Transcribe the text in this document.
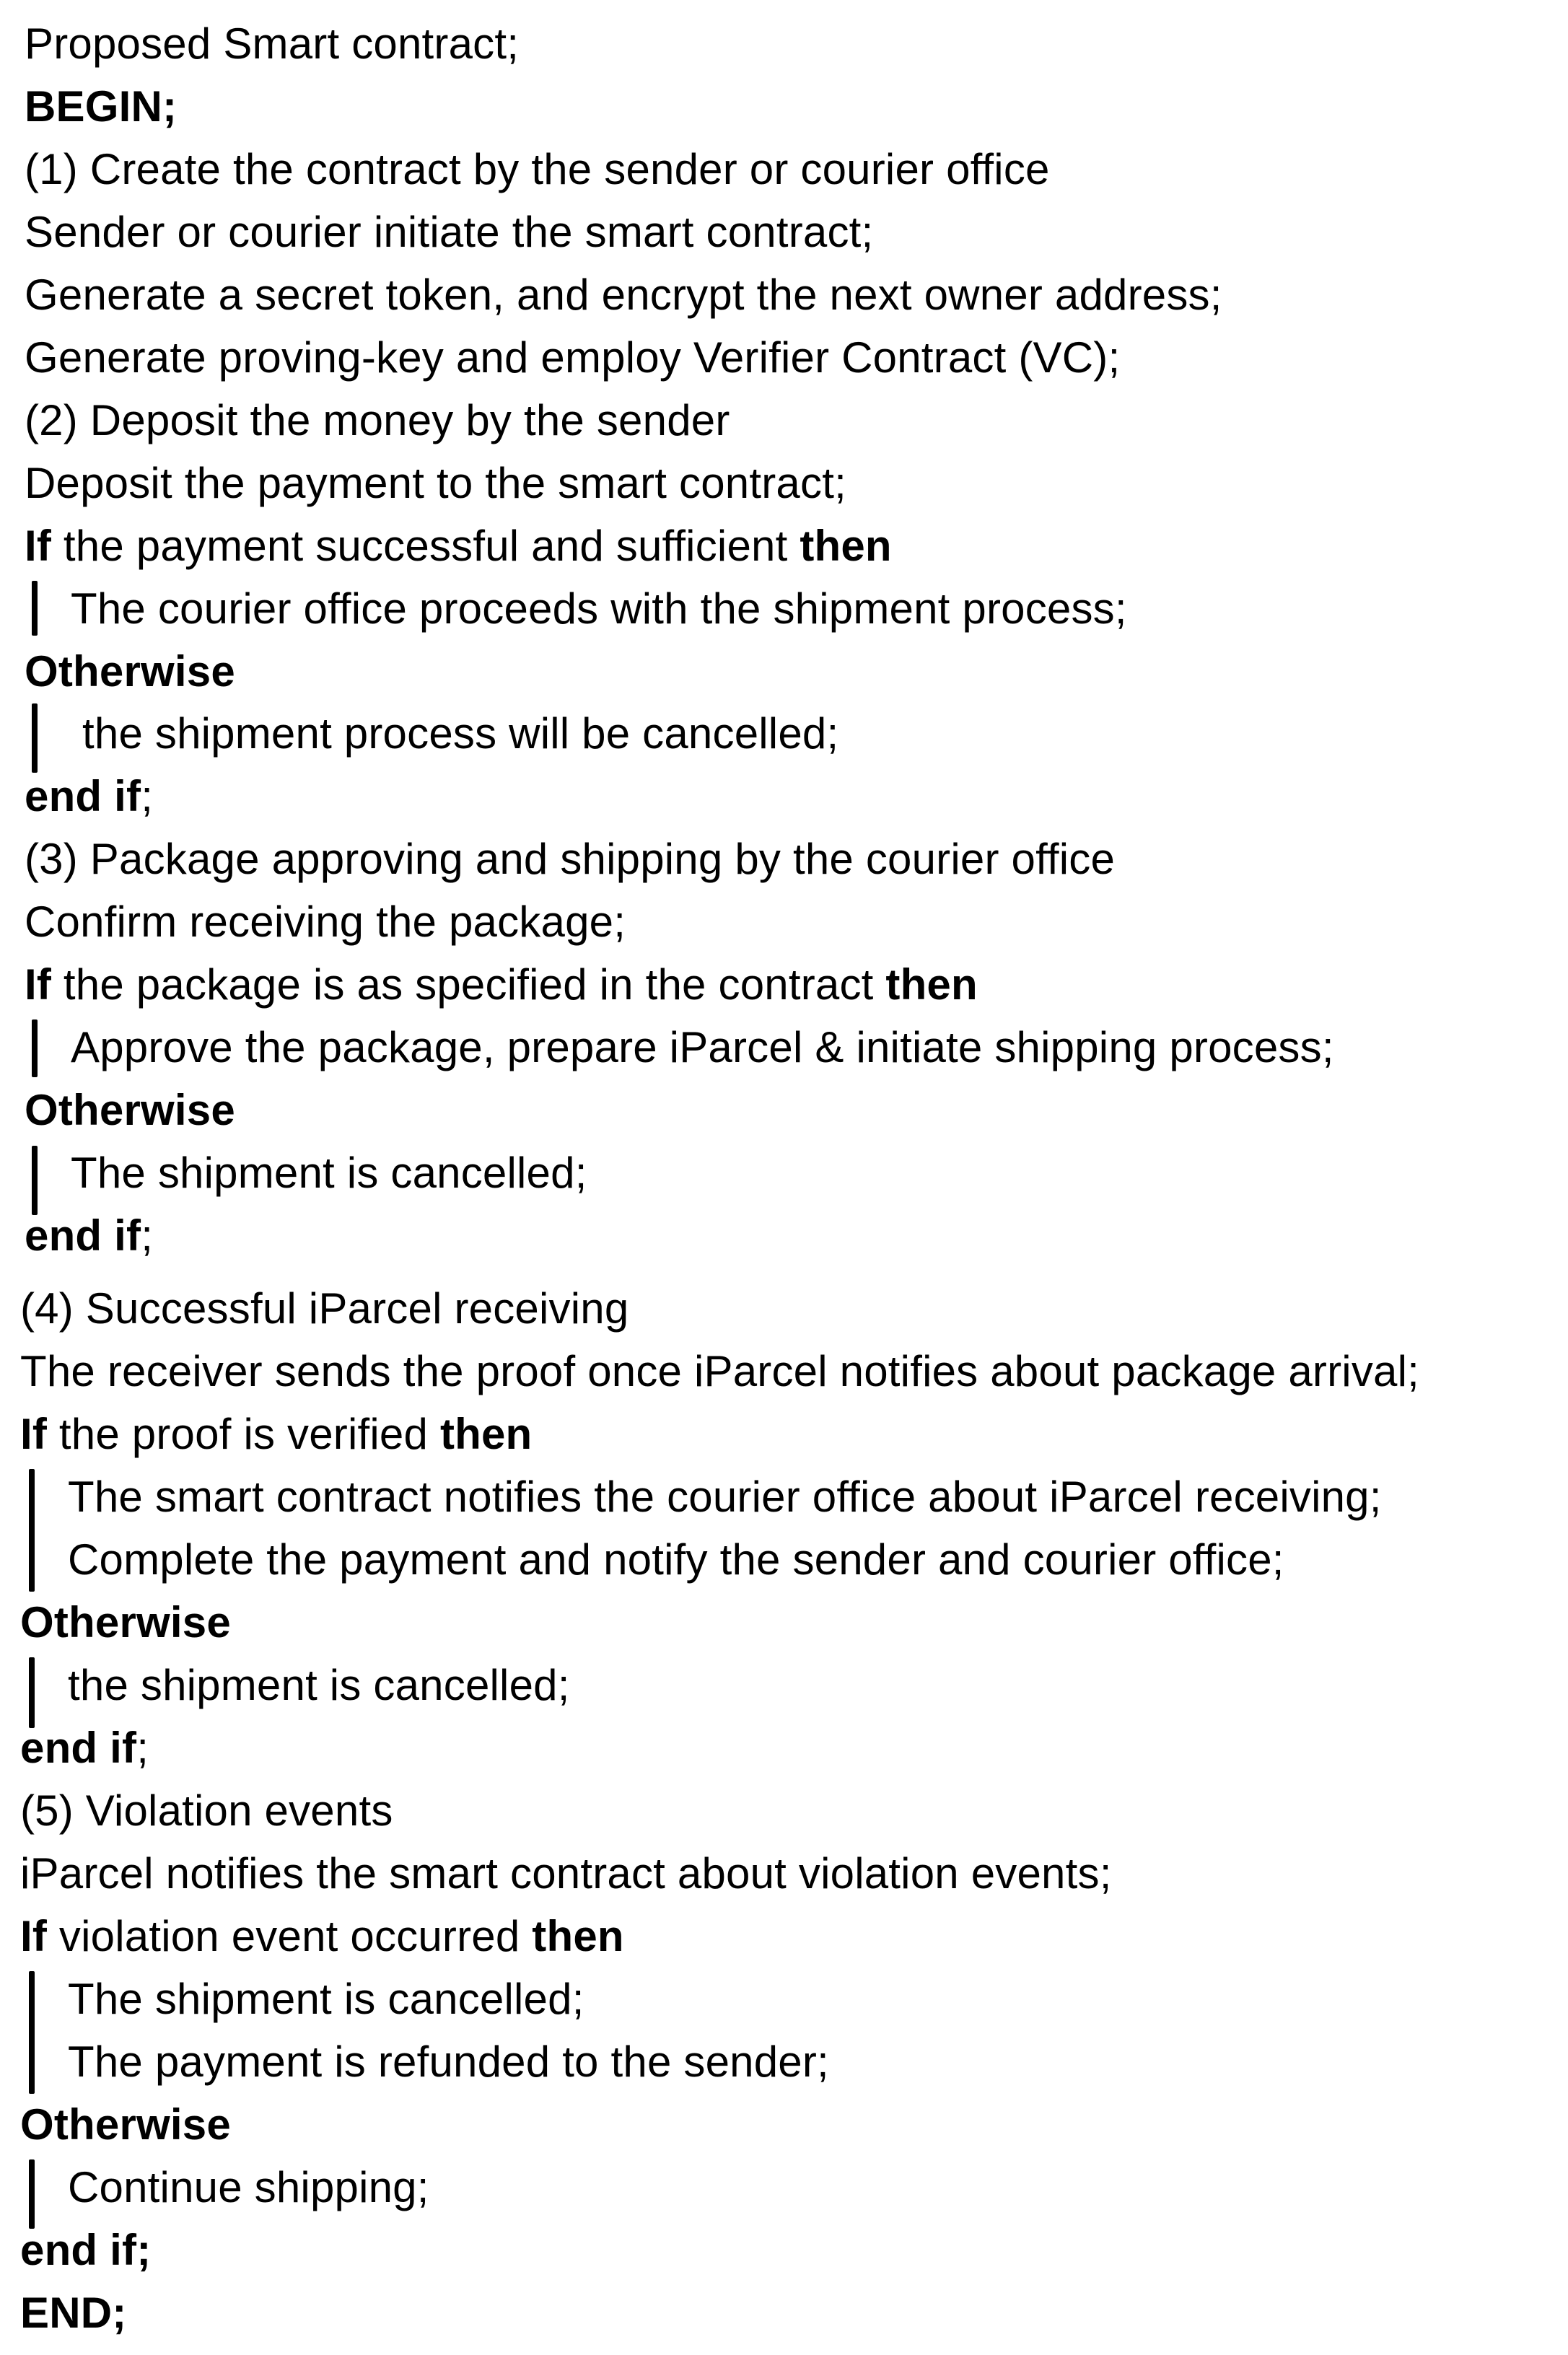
Proposed Smart contract;
BEGIN;
(1) Create the contract by the sender or courier office
Sender or courier initiate the smart contract;
Generate a secret token, and encrypt the next owner address;
Generate proving-key and employ Verifier Contract (VC);
(2) Deposit the money by the sender
Deposit the payment to the smart contract;
If the payment successful and sufficient then
The courier office proceeds with the shipment process;
Otherwise
the shipment process will be cancelled;
end if;
(3) Package approving and shipping by the courier office
Confirm receiving the package;
If the package is as specified in the contract then
Approve the package, prepare iParcel & initiate shipping process;
Otherwise
The shipment is cancelled;
end if;
(4) Successful iParcel receiving
The receiver sends the proof once iParcel notifies about package arrival;
If the proof is verified then
The smart contract notifies the courier office about iParcel receiving;
Complete the payment and notify the sender and courier office;
Otherwise
the shipment is cancelled;
end if;
(5) Violation events
iParcel notifies the smart contract about violation events;
If violation event occurred then
The shipment is cancelled;
The payment is refunded to the sender;
Otherwise
Continue shipping;
end if;
END;
